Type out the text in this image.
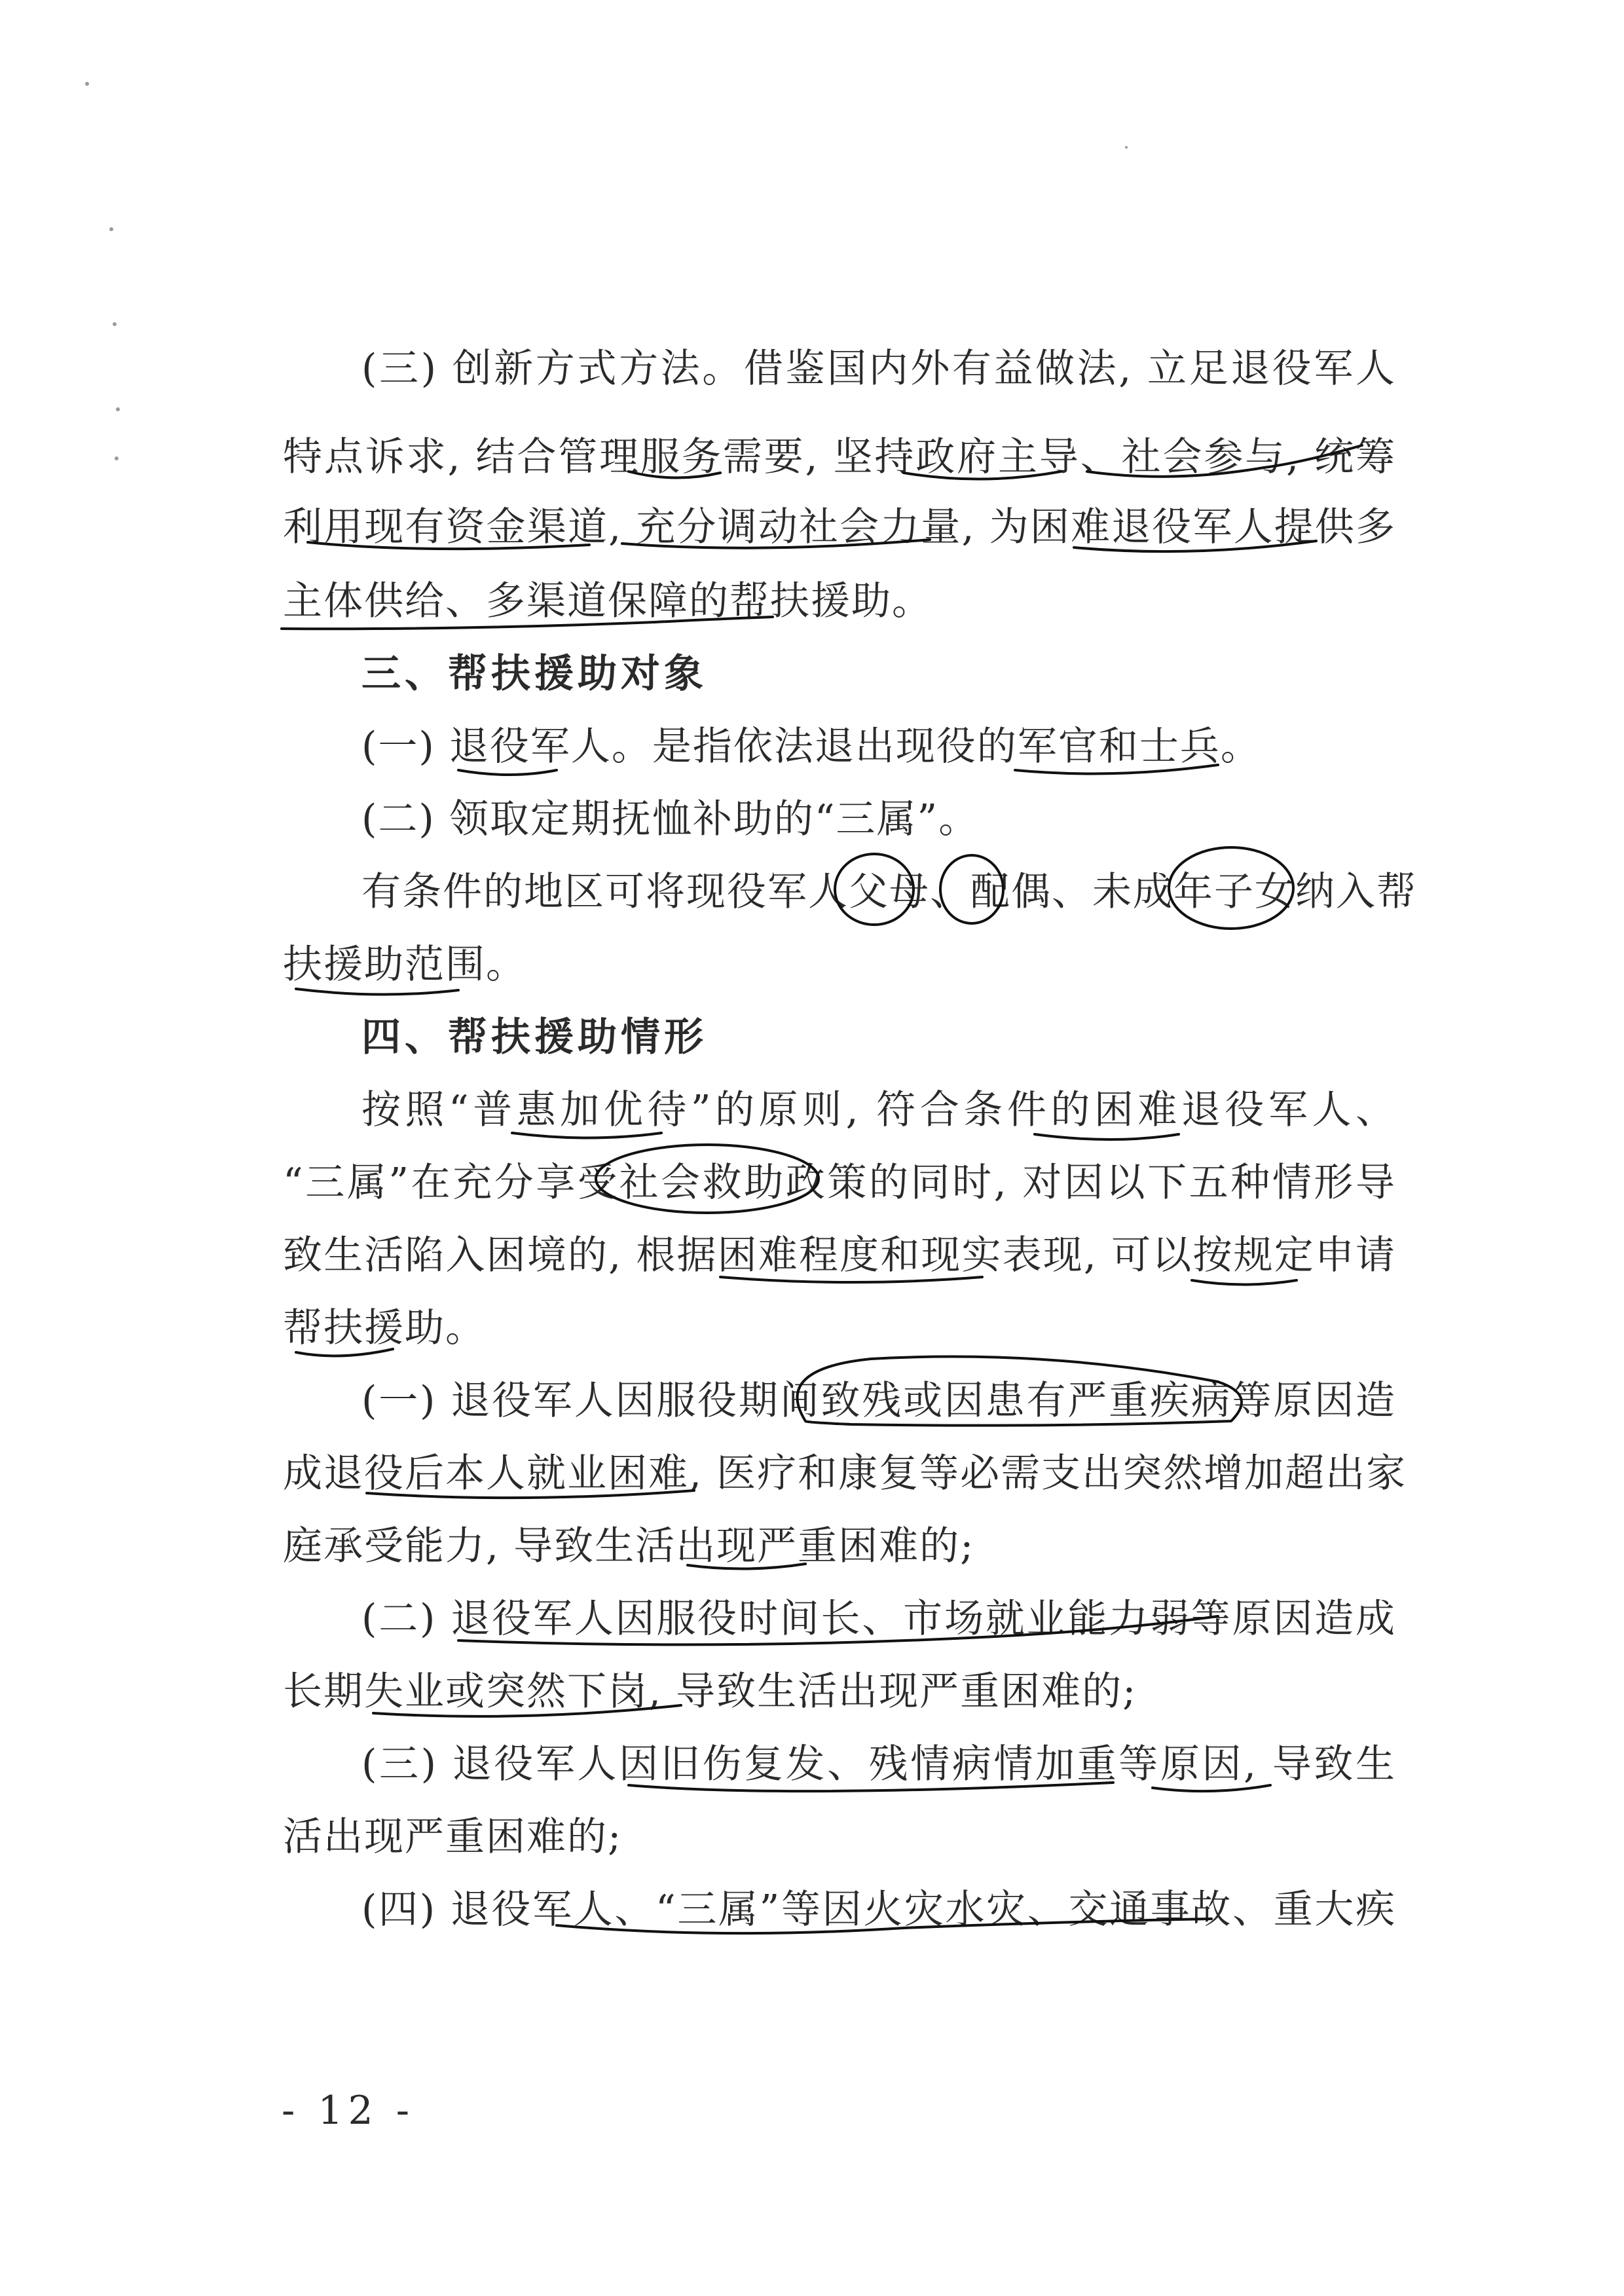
(三) 创新方式方法。借鉴国内外有益做法, 立足退役军人
特点诉求, 结合管理服务需要, 坚持政府主导、社会参与, 统筹
利用现有资金渠道, 充分调动社会力量, 为困难退役军人提供多
主体供给、多渠道保障的帮扶援助。
三、帮扶援助对象
(一) 退役军人。是指依法退出现役的军官和士兵。
(二) 领取定期抚恤补助的“三属”。
有条件的地区可将现役军人父母、配偶、未成年子女纳入帮
扶援助范围。
四、帮扶援助情形
按照“普惠加优待”的原则, 符合条件的困难退役军人、
“三属”在充分享受社会救助政策的同时, 对因以下五种情形导
致生活陷入困境的, 根据困难程度和现实表现, 可以按规定申请
帮扶援助。
(一) 退役军人因服役期间致残或因患有严重疾病等原因造
成退役后本人就业困难, 医疗和康复等必需支出突然增加超出家
庭承受能力, 导致生活出现严重困难的;
(二) 退役军人因服役时间长、市场就业能力弱等原因造成
长期失业或突然下岗, 导致生活出现严重困难的;
(三) 退役军人因旧伤复发、残情病情加重等原因, 导致生
活出现严重困难的;
(四) 退役军人、“三属”等因火灾水灾、交通事故、重大疾
- 12 -
